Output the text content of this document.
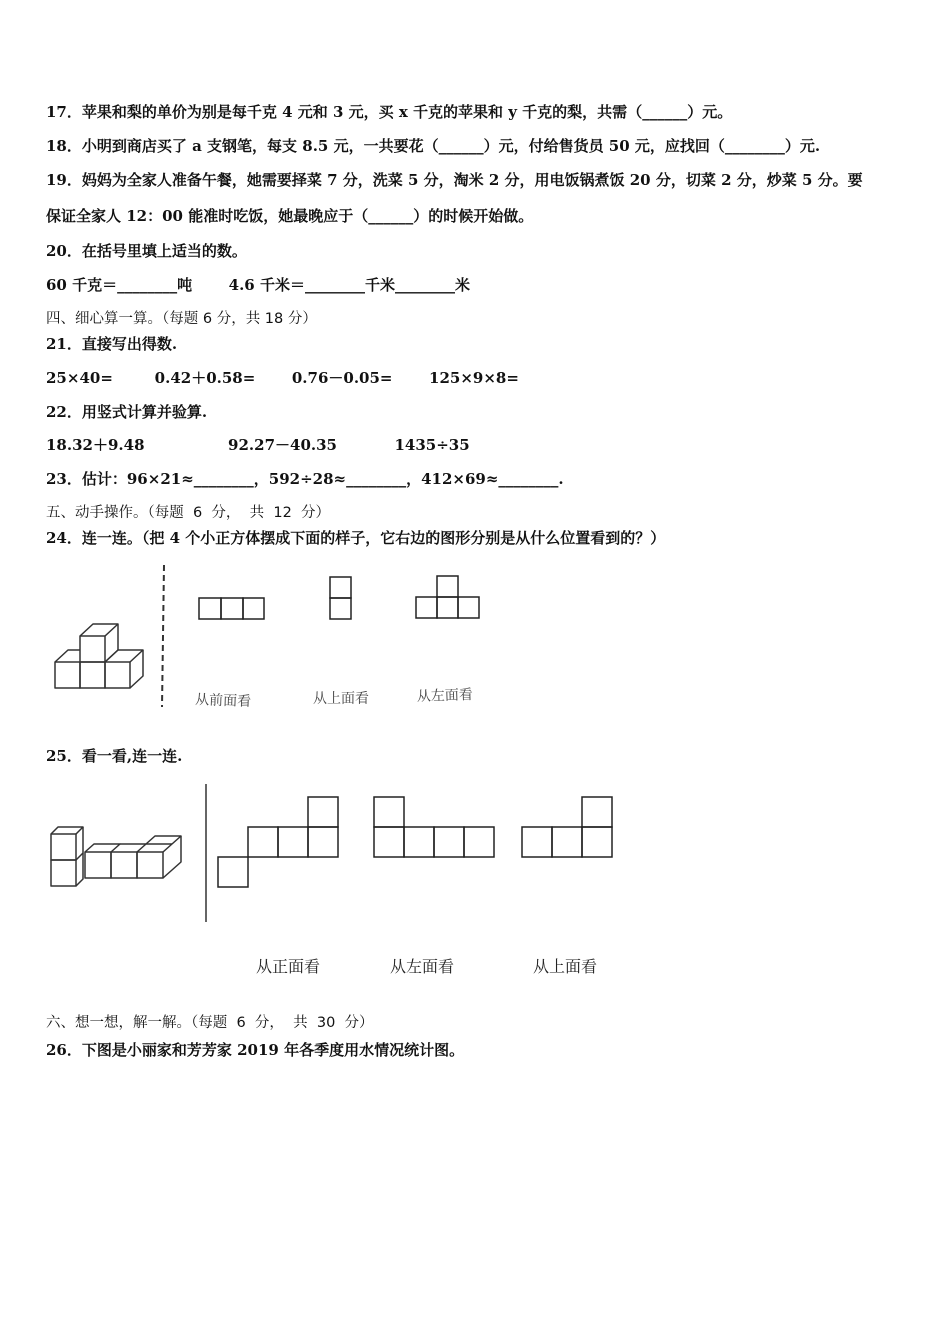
17．苹果和梨的单价为别是每千克 4 元和 3 元，买 x 千克的苹果和 y 千克的梨，共需（______）元。
18．小明到商店买了 a 支钢笔，每支 8.5 元，一共要花（______）元，付给售货员 50 元，应找回（________）元.
19．妈妈为全家人准备午餐，她需要择菜 7 分，洗菜 5 分，淘米 2 分，用电饭锅煮饭 20 分，切菜 2 分，炒菜 5 分。要
保证全家人 12：00 能准时吃饭，她最晚应于（______）的时候开始做。
20．在括号里填上适当的数。
60 千克＝________吨       4.6 千米＝________千米________米
四、细心算一算。（每题 6 分，共 18 分）
21．直接写出得数.
25×40=        0.42＋0.58=       0.76－0.05=       125×9×8=
22．用竖式计算并验算.
18.32＋9.48                92.27－40.35           1435÷35
23．估计：96×21≈________，592÷28≈________，412×69≈________.
五、动手操作。（每题  6  分，  共  12  分）
24．连一连。（把 4 个小正方体摆成下面的样子，它右边的图形分别是从什么位置看到的？）
25．看一看,连一连.
六、想一想，解一解。（每题  6  分，  共  30  分）
26．下图是小丽家和芳芳家 2019 年各季度用水情况统计图。
从前面看	从上面看	从左面看
从正面看	从左面看	从上面看
